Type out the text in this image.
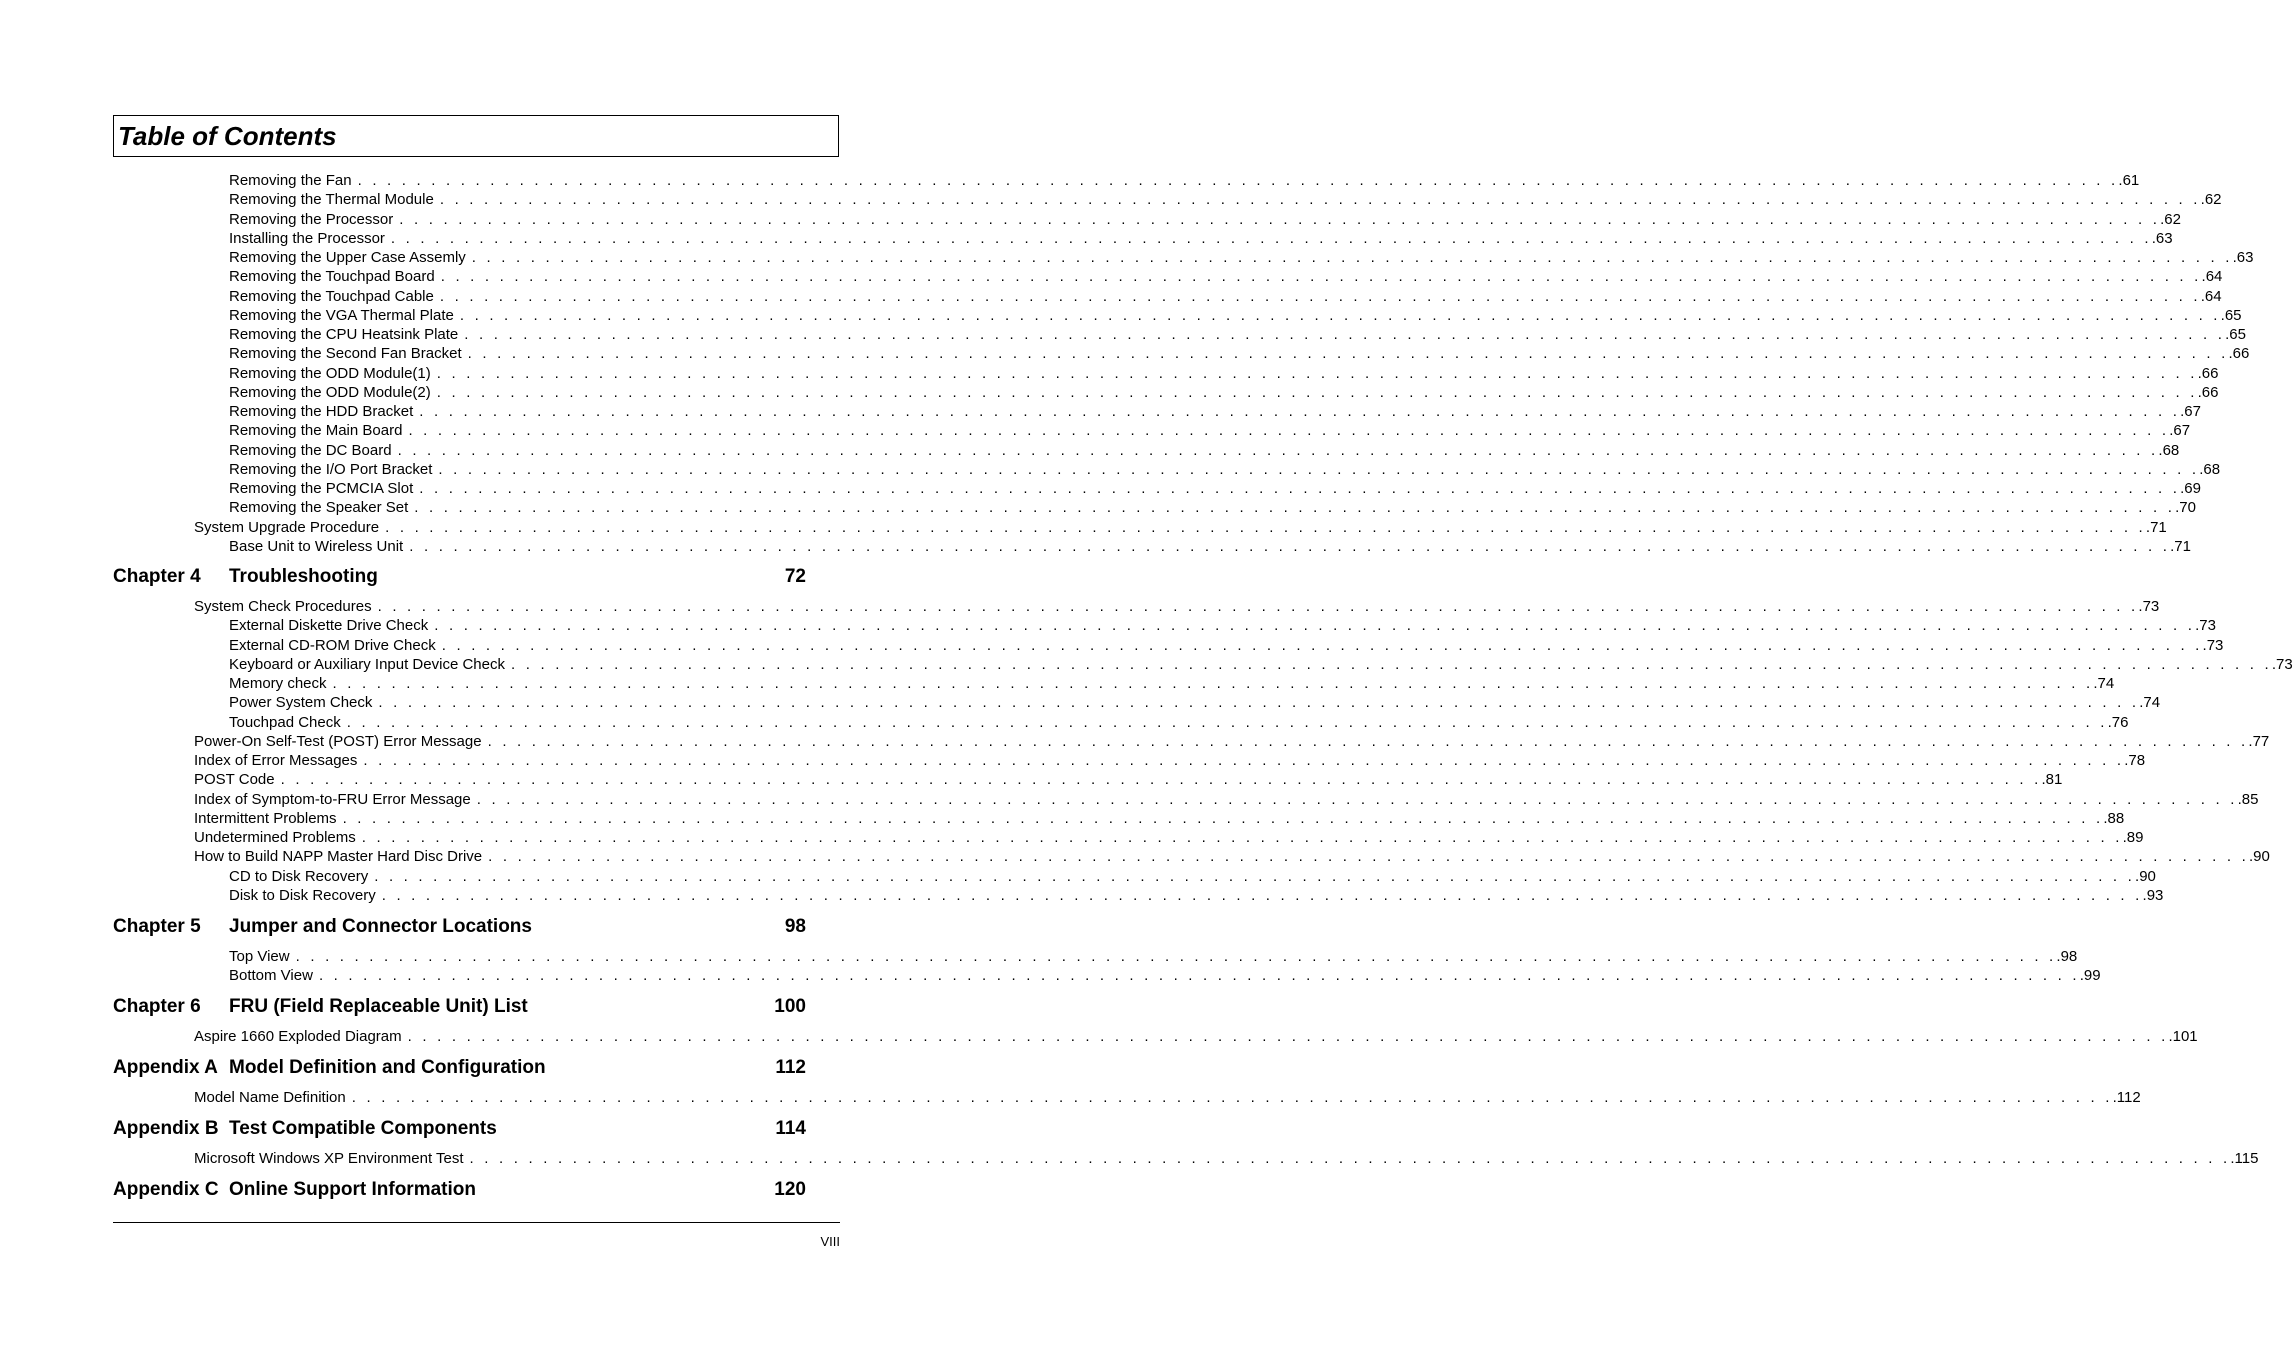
Table of Contents
Removing the Fan . . . . . . . . . . . . . . . . . . . . . . . . . . . . . . . . . . . . . . . . . . . . . . . . . . . . . . . . . . . . . . . . . . . . . . . . . . . . . . . . . . . . . . . . . . . . . . . . . . . . . . . . . . . . . . . . . . . . . . . . .61
Removing the Thermal Module . . . . . . . . . . . . . . . . . . . . . . . . . . . . . . . . . . . . . . . . . . . . . . . . . . . . . . . . . . . . . . . . . . . . . . . . . . . . . . . . . . . . . . . . . . . . . . . . . . . . . . . . . . . . . . . . . . . . . . . . .62
Removing the Processor . . . . . . . . . . . . . . . . . . . . . . . . . . . . . . . . . . . . . . . . . . . . . . . . . . . . . . . . . . . . . . . . . . . . . . . . . . . . . . . . . . . . . . . . . . . . . . . . . . . . . . . . . . . . . . . . . . . . . . . . .62
Installing the Processor . . . . . . . . . . . . . . . . . . . . . . . . . . . . . . . . . . . . . . . . . . . . . . . . . . . . . . . . . . . . . . . . . . . . . . . . . . . . . . . . . . . . . . . . . . . . . . . . . . . . . . . . . . . . . . . . . . . . . . . . .63
Removing the Upper Case Assemly . . . . . . . . . . . . . . . . . . . . . . . . . . . . . . . . . . . . . . . . . . . . . . . . . . . . . . . . . . . . . . . . . . . . . . . . . . . . . . . . . . . . . . . . . . . . . . . . . . . . . . . . . . . . . . . . . . . . . . . . .63
Removing the Touchpad Board . . . . . . . . . . . . . . . . . . . . . . . . . . . . . . . . . . . . . . . . . . . . . . . . . . . . . . . . . . . . . . . . . . . . . . . . . . . . . . . . . . . . . . . . . . . . . . . . . . . . . . . . . . . . . . . . . . . . . . . . .64
Removing the Touchpad Cable . . . . . . . . . . . . . . . . . . . . . . . . . . . . . . . . . . . . . . . . . . . . . . . . . . . . . . . . . . . . . . . . . . . . . . . . . . . . . . . . . . . . . . . . . . . . . . . . . . . . . . . . . . . . . . . . . . . . . . . . .64
Removing the VGA Thermal Plate . . . . . . . . . . . . . . . . . . . . . . . . . . . . . . . . . . . . . . . . . . . . . . . . . . . . . . . . . . . . . . . . . . . . . . . . . . . . . . . . . . . . . . . . . . . . . . . . . . . . . . . . . . . . . . . . . . . . . . . . .65
Removing the CPU Heatsink Plate . . . . . . . . . . . . . . . . . . . . . . . . . . . . . . . . . . . . . . . . . . . . . . . . . . . . . . . . . . . . . . . . . . . . . . . . . . . . . . . . . . . . . . . . . . . . . . . . . . . . . . . . . . . . . . . . . . . . . . . . .65
Removing the Second Fan Bracket . . . . . . . . . . . . . . . . . . . . . . . . . . . . . . . . . . . . . . . . . . . . . . . . . . . . . . . . . . . . . . . . . . . . . . . . . . . . . . . . . . . . . . . . . . . . . . . . . . . . . . . . . . . . . . . . . . . . . . . . .66
Removing the ODD Module(1) . . . . . . . . . . . . . . . . . . . . . . . . . . . . . . . . . . . . . . . . . . . . . . . . . . . . . . . . . . . . . . . . . . . . . . . . . . . . . . . . . . . . . . . . . . . . . . . . . . . . . . . . . . . . . . . . . . . . . . . . .66
Removing the ODD Module(2) . . . . . . . . . . . . . . . . . . . . . . . . . . . . . . . . . . . . . . . . . . . . . . . . . . . . . . . . . . . . . . . . . . . . . . . . . . . . . . . . . . . . . . . . . . . . . . . . . . . . . . . . . . . . . . . . . . . . . . . . .66
Removing the HDD Bracket . . . . . . . . . . . . . . . . . . . . . . . . . . . . . . . . . . . . . . . . . . . . . . . . . . . . . . . . . . . . . . . . . . . . . . . . . . . . . . . . . . . . . . . . . . . . . . . . . . . . . . . . . . . . . . . . . . . . . . . . .67
Removing the Main Board . . . . . . . . . . . . . . . . . . . . . . . . . . . . . . . . . . . . . . . . . . . . . . . . . . . . . . . . . . . . . . . . . . . . . . . . . . . . . . . . . . . . . . . . . . . . . . . . . . . . . . . . . . . . . . . . . . . . . . . . .67
Removing the DC Board . . . . . . . . . . . . . . . . . . . . . . . . . . . . . . . . . . . . . . . . . . . . . . . . . . . . . . . . . . . . . . . . . . . . . . . . . . . . . . . . . . . . . . . . . . . . . . . . . . . . . . . . . . . . . . . . . . . . . . . . .68
Removing the I/O Port Bracket . . . . . . . . . . . . . . . . . . . . . . . . . . . . . . . . . . . . . . . . . . . . . . . . . . . . . . . . . . . . . . . . . . . . . . . . . . . . . . . . . . . . . . . . . . . . . . . . . . . . . . . . . . . . . . . . . . . . . . . . .68
Removing the PCMCIA Slot . . . . . . . . . . . . . . . . . . . . . . . . . . . . . . . . . . . . . . . . . . . . . . . . . . . . . . . . . . . . . . . . . . . . . . . . . . . . . . . . . . . . . . . . . . . . . . . . . . . . . . . . . . . . . . . . . . . . . . . . .69
Removing the Speaker Set . . . . . . . . . . . . . . . . . . . . . . . . . . . . . . . . . . . . . . . . . . . . . . . . . . . . . . . . . . . . . . . . . . . . . . . . . . . . . . . . . . . . . . . . . . . . . . . . . . . . . . . . . . . . . . . . . . . . . . . . .70
System Upgrade Procedure . . . . . . . . . . . . . . . . . . . . . . . . . . . . . . . . . . . . . . . . . . . . . . . . . . . . . . . . . . . . . . . . . . . . . . . . . . . . . . . . . . . . . . . . . . . . . . . . . . . . . . . . . . . . . . . . . . . . . . . . .71
Base Unit to Wireless Unit . . . . . . . . . . . . . . . . . . . . . . . . . . . . . . . . . . . . . . . . . . . . . . . . . . . . . . . . . . . . . . . . . . . . . . . . . . . . . . . . . . . . . . . . . . . . . . . . . . . . . . . . . . . . . . . . . . . . . . . . .71
Chapter 4 Troubleshooting	72
System Check Procedures . . . . . . . . . . . . . . . . . . . . . . . . . . . . . . . . . . . . . . . . . . . . . . . . . . . . . . . . . . . . . . . . . . . . . . . . . . . . . . . . . . . . . . . . . . . . . . . . . . . . . . . . . . . . . . . . . . . . . . . . .73
External Diskette Drive Check . . . . . . . . . . . . . . . . . . . . . . . . . . . . . . . . . . . . . . . . . . . . . . . . . . . . . . . . . . . . . . . . . . . . . . . . . . . . . . . . . . . . . . . . . . . . . . . . . . . . . . . . . . . . . . . . . . . . . . . . .73
External CD-ROM Drive Check . . . . . . . . . . . . . . . . . . . . . . . . . . . . . . . . . . . . . . . . . . . . . . . . . . . . . . . . . . . . . . . . . . . . . . . . . . . . . . . . . . . . . . . . . . . . . . . . . . . . . . . . . . . . . . . . . . . . . . . . .73
Keyboard or Auxiliary Input Device Check . . . . . . . . . . . . . . . . . . . . . . . . . . . . . . . . . . . . . . . . . . . . . . . . . . . . . . . . . . . . . . . . . . . . . . . . . . . . . . . . . . . . . . . . . . . . . . . . . . . . . . . . . . . . . . . . . . . . . . . . .73
Memory check . . . . . . . . . . . . . . . . . . . . . . . . . . . . . . . . . . . . . . . . . . . . . . . . . . . . . . . . . . . . . . . . . . . . . . . . . . . . . . . . . . . . . . . . . . . . . . . . . . . . . . . . . . . . . . . . . . . . . . . . .74
Power System Check . . . . . . . . . . . . . . . . . . . . . . . . . . . . . . . . . . . . . . . . . . . . . . . . . . . . . . . . . . . . . . . . . . . . . . . . . . . . . . . . . . . . . . . . . . . . . . . . . . . . . . . . . . . . . . . . . . . . . . . . .74
Touchpad Check . . . . . . . . . . . . . . . . . . . . . . . . . . . . . . . . . . . . . . . . . . . . . . . . . . . . . . . . . . . . . . . . . . . . . . . . . . . . . . . . . . . . . . . . . . . . . . . . . . . . . . . . . . . . . . . . . . . . . . . . .76
Power-On Self-Test (POST) Error Message . . . . . . . . . . . . . . . . . . . . . . . . . . . . . . . . . . . . . . . . . . . . . . . . . . . . . . . . . . . . . . . . . . . . . . . . . . . . . . . . . . . . . . . . . . . . . . . . . . . . . . . . . . . . . . . . . . . . . . . . .77
Index of Error Messages . . . . . . . . . . . . . . . . . . . . . . . . . . . . . . . . . . . . . . . . . . . . . . . . . . . . . . . . . . . . . . . . . . . . . . . . . . . . . . . . . . . . . . . . . . . . . . . . . . . . . . . . . . . . . . . . . . . . . . . . .78
POST Code . . . . . . . . . . . . . . . . . . . . . . . . . . . . . . . . . . . . . . . . . . . . . . . . . . . . . . . . . . . . . . . . . . . . . . . . . . . . . . . . . . . . . . . . . . . . . . . . . . . . . . . . . . . . . . . . . . . . . . . . .81
Index of Symptom-to-FRU Error Message . . . . . . . . . . . . . . . . . . . . . . . . . . . . . . . . . . . . . . . . . . . . . . . . . . . . . . . . . . . . . . . . . . . . . . . . . . . . . . . . . . . . . . . . . . . . . . . . . . . . . . . . . . . . . . . . . . . . . . . . .85
Intermittent Problems . . . . . . . . . . . . . . . . . . . . . . . . . . . . . . . . . . . . . . . . . . . . . . . . . . . . . . . . . . . . . . . . . . . . . . . . . . . . . . . . . . . . . . . . . . . . . . . . . . . . . . . . . . . . . . . . . . . . . . . . .88
Undetermined Problems . . . . . . . . . . . . . . . . . . . . . . . . . . . . . . . . . . . . . . . . . . . . . . . . . . . . . . . . . . . . . . . . . . . . . . . . . . . . . . . . . . . . . . . . . . . . . . . . . . . . . . . . . . . . . . . . . . . . . . . . .89
How to Build NAPP Master Hard Disc Drive . . . . . . . . . . . . . . . . . . . . . . . . . . . . . . . . . . . . . . . . . . . . . . . . . . . . . . . . . . . . . . . . . . . . . . . . . . . . . . . . . . . . . . . . . . . . . . . . . . . . . . . . . . . . . . . . . . . . . . . . .90
CD to Disk Recovery . . . . . . . . . . . . . . . . . . . . . . . . . . . . . . . . . . . . . . . . . . . . . . . . . . . . . . . . . . . . . . . . . . . . . . . . . . . . . . . . . . . . . . . . . . . . . . . . . . . . . . . . . . . . . . . . . . . . . . . . .90
Disk to Disk Recovery . . . . . . . . . . . . . . . . . . . . . . . . . . . . . . . . . . . . . . . . . . . . . . . . . . . . . . . . . . . . . . . . . . . . . . . . . . . . . . . . . . . . . . . . . . . . . . . . . . . . . . . . . . . . . . . . . . . . . . . . .93
Chapter 5 Jumper and Connector Locations	98
Top View . . . . . . . . . . . . . . . . . . . . . . . . . . . . . . . . . . . . . . . . . . . . . . . . . . . . . . . . . . . . . . . . . . . . . . . . . . . . . . . . . . . . . . . . . . . . . . . . . . . . . . . . . . . . . . . . . . . . . . . . .98
Bottom View . . . . . . . . . . . . . . . . . . . . . . . . . . . . . . . . . . . . . . . . . . . . . . . . . . . . . . . . . . . . . . . . . . . . . . . . . . . . . . . . . . . . . . . . . . . . . . . . . . . . . . . . . . . . . . . . . . . . . . . . .99
Chapter 6 FRU (Field Replaceable Unit) List	100
Aspire 1660 Exploded Diagram . . . . . . . . . . . . . . . . . . . . . . . . . . . . . . . . . . . . . . . . . . . . . . . . . . . . . . . . . . . . . . . . . . . . . . . . . . . . . . . . . . . . . . . . . . . . . . . . . . . . . . . . . . . . . . . . . . . . . . . . .101
Appendix A Model Definition and Configuration	112
Model Name Definition . . . . . . . . . . . . . . . . . . . . . . . . . . . . . . . . . . . . . . . . . . . . . . . . . . . . . . . . . . . . . . . . . . . . . . . . . . . . . . . . . . . . . . . . . . . . . . . . . . . . . . . . . . . . . . . . . . . . . . . . .112
Appendix B Test Compatible Components	114
Microsoft Windows XP Environment Test . . . . . . . . . . . . . . . . . . . . . . . . . . . . . . . . . . . . . . . . . . . . . . . . . . . . . . . . . . . . . . . . . . . . . . . . . . . . . . . . . . . . . . . . . . . . . . . . . . . . . . . . . . . . . . . . . . . . . . . . .115
Appendix C Online Support Information	120
VIII
